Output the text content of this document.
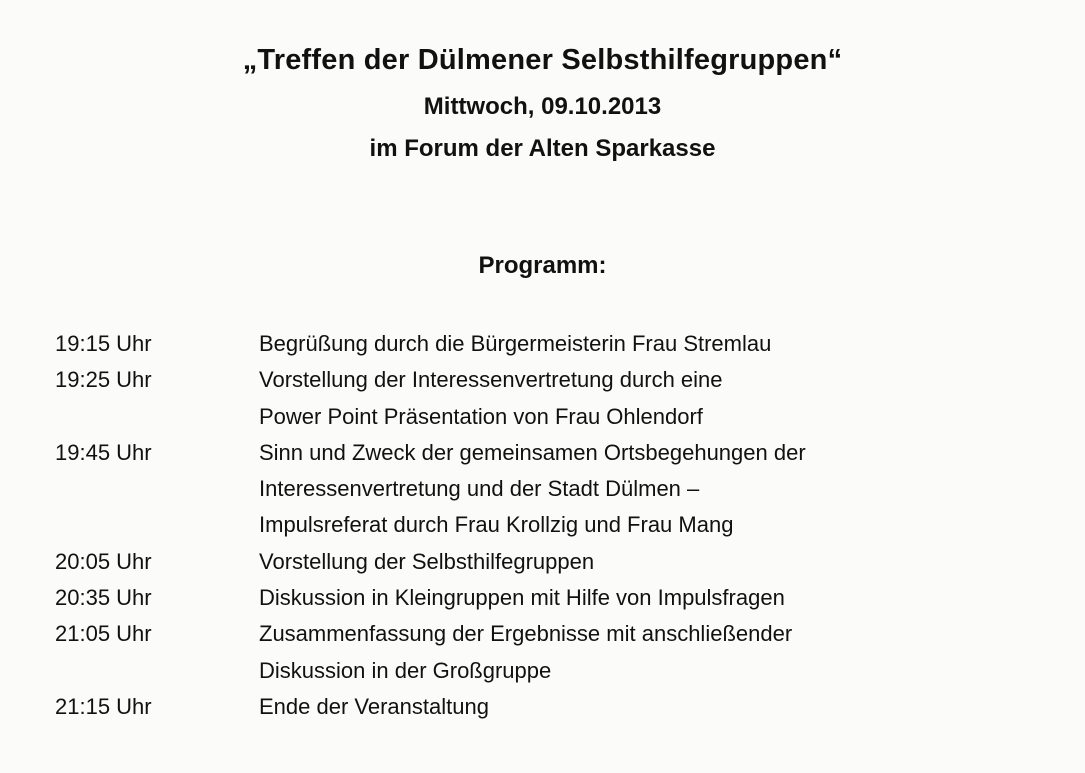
„Treffen der Dülmener Selbsthilfegruppen“
Mittwoch, 09.10.2013
im Forum der Alten Sparkasse
Programm:
19:15 Uhr	Begrüßung durch die Bürgermeisterin Frau Stremlau
19:25 Uhr	Vorstellung der Interessenvertretung durch eine
Power Point Präsentation von Frau Ohlendorf
19:45 Uhr	Sinn und Zweck der gemeinsamen Ortsbegehungen der
Interessenvertretung und der Stadt Dülmen –
Impulsreferat durch Frau Krollzig und Frau Mang
20:05 Uhr	Vorstellung der Selbsthilfegruppen
20:35 Uhr	Diskussion in Kleingruppen mit Hilfe von Impulsfragen
21:05 Uhr	Zusammenfassung der Ergebnisse mit anschließender
Diskussion in der Großgruppe
21:15 Uhr	Ende der Veranstaltung
